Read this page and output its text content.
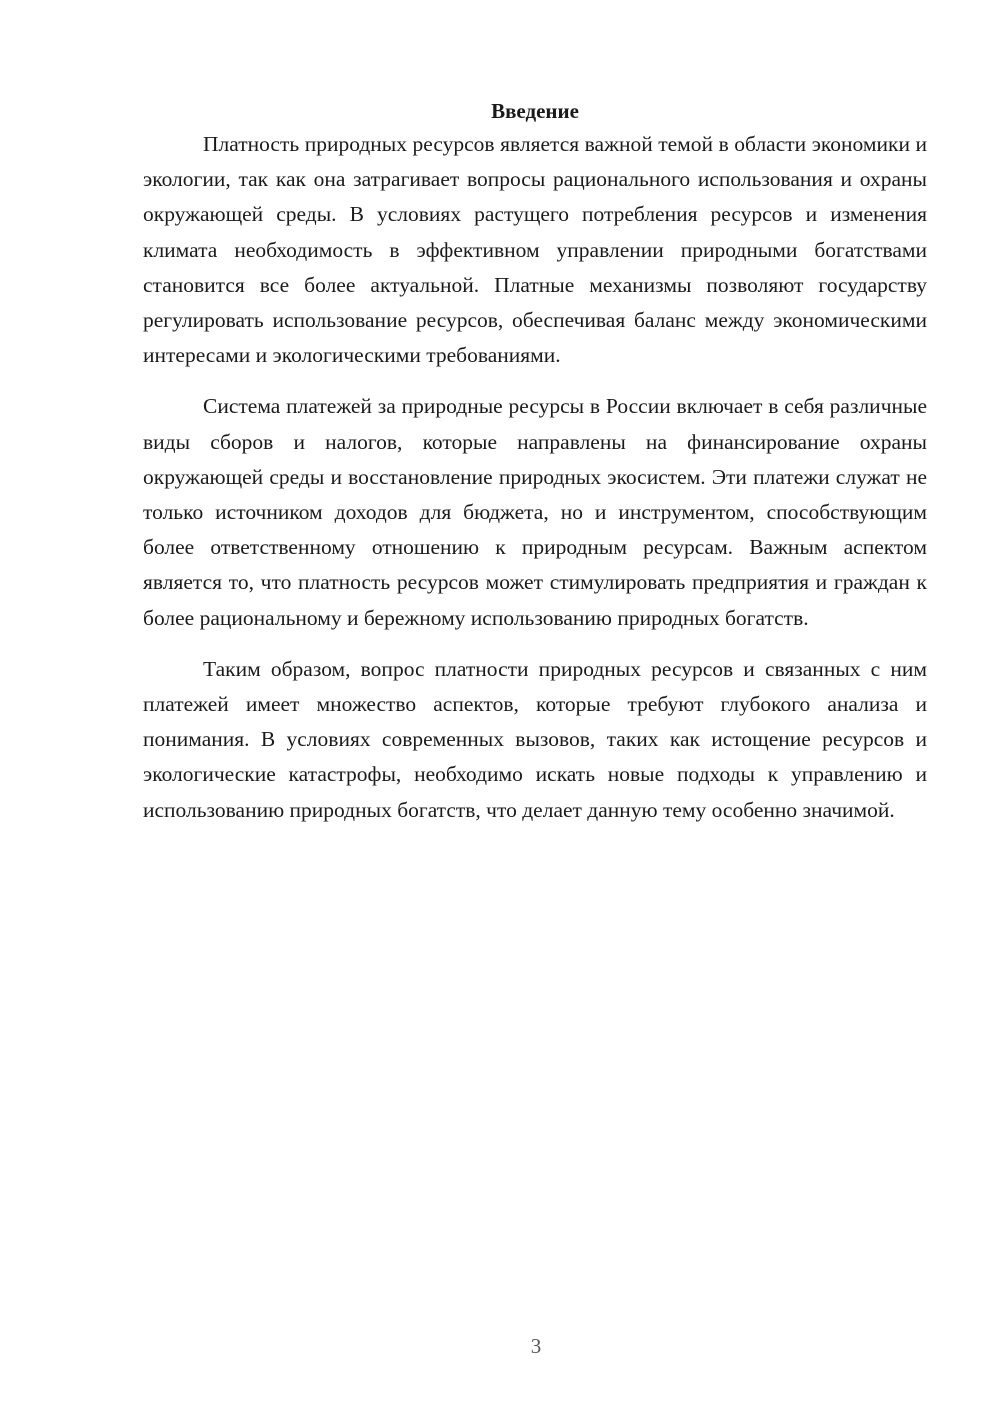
Введение

Платность природных ресурсов является важной темой в области экономики и экологии, так как она затрагивает вопросы рационального использования и охраны окружающей среды. В условиях растущего потребления ресурсов и изменения климата необходимость в эффективном управлении природными богатствами становится все более актуальной. Платные механизмы позволяют государству регулировать использование ресурсов, обеспечивая баланс между экономическими интересами и экологическими требованиями.

Система платежей за природные ресурсы в России включает в себя различные виды сборов и налогов, которые направлены на финансирование охраны окружающей среды и восстановление природных экосистем. Эти платежи служат не только источником доходов для бюджета, но и инструментом, способствующим более ответственному отношению к природным ресурсам. Важным аспектом является то, что платность ресурсов может стимулировать предприятия и граждан к более рациональному и бережному использованию природных богатств.

Таким образом, вопрос платности природных ресурсов и связанных с ним платежей имеет множество аспектов, которые требуют глубокого анализа и понимания. В условиях современных вызовов, таких как истощение ресурсов и экологические катастрофы, необходимо искать новые подходы к управлению и использованию природных богатств, что делает данную тему особенно значимой.

3
